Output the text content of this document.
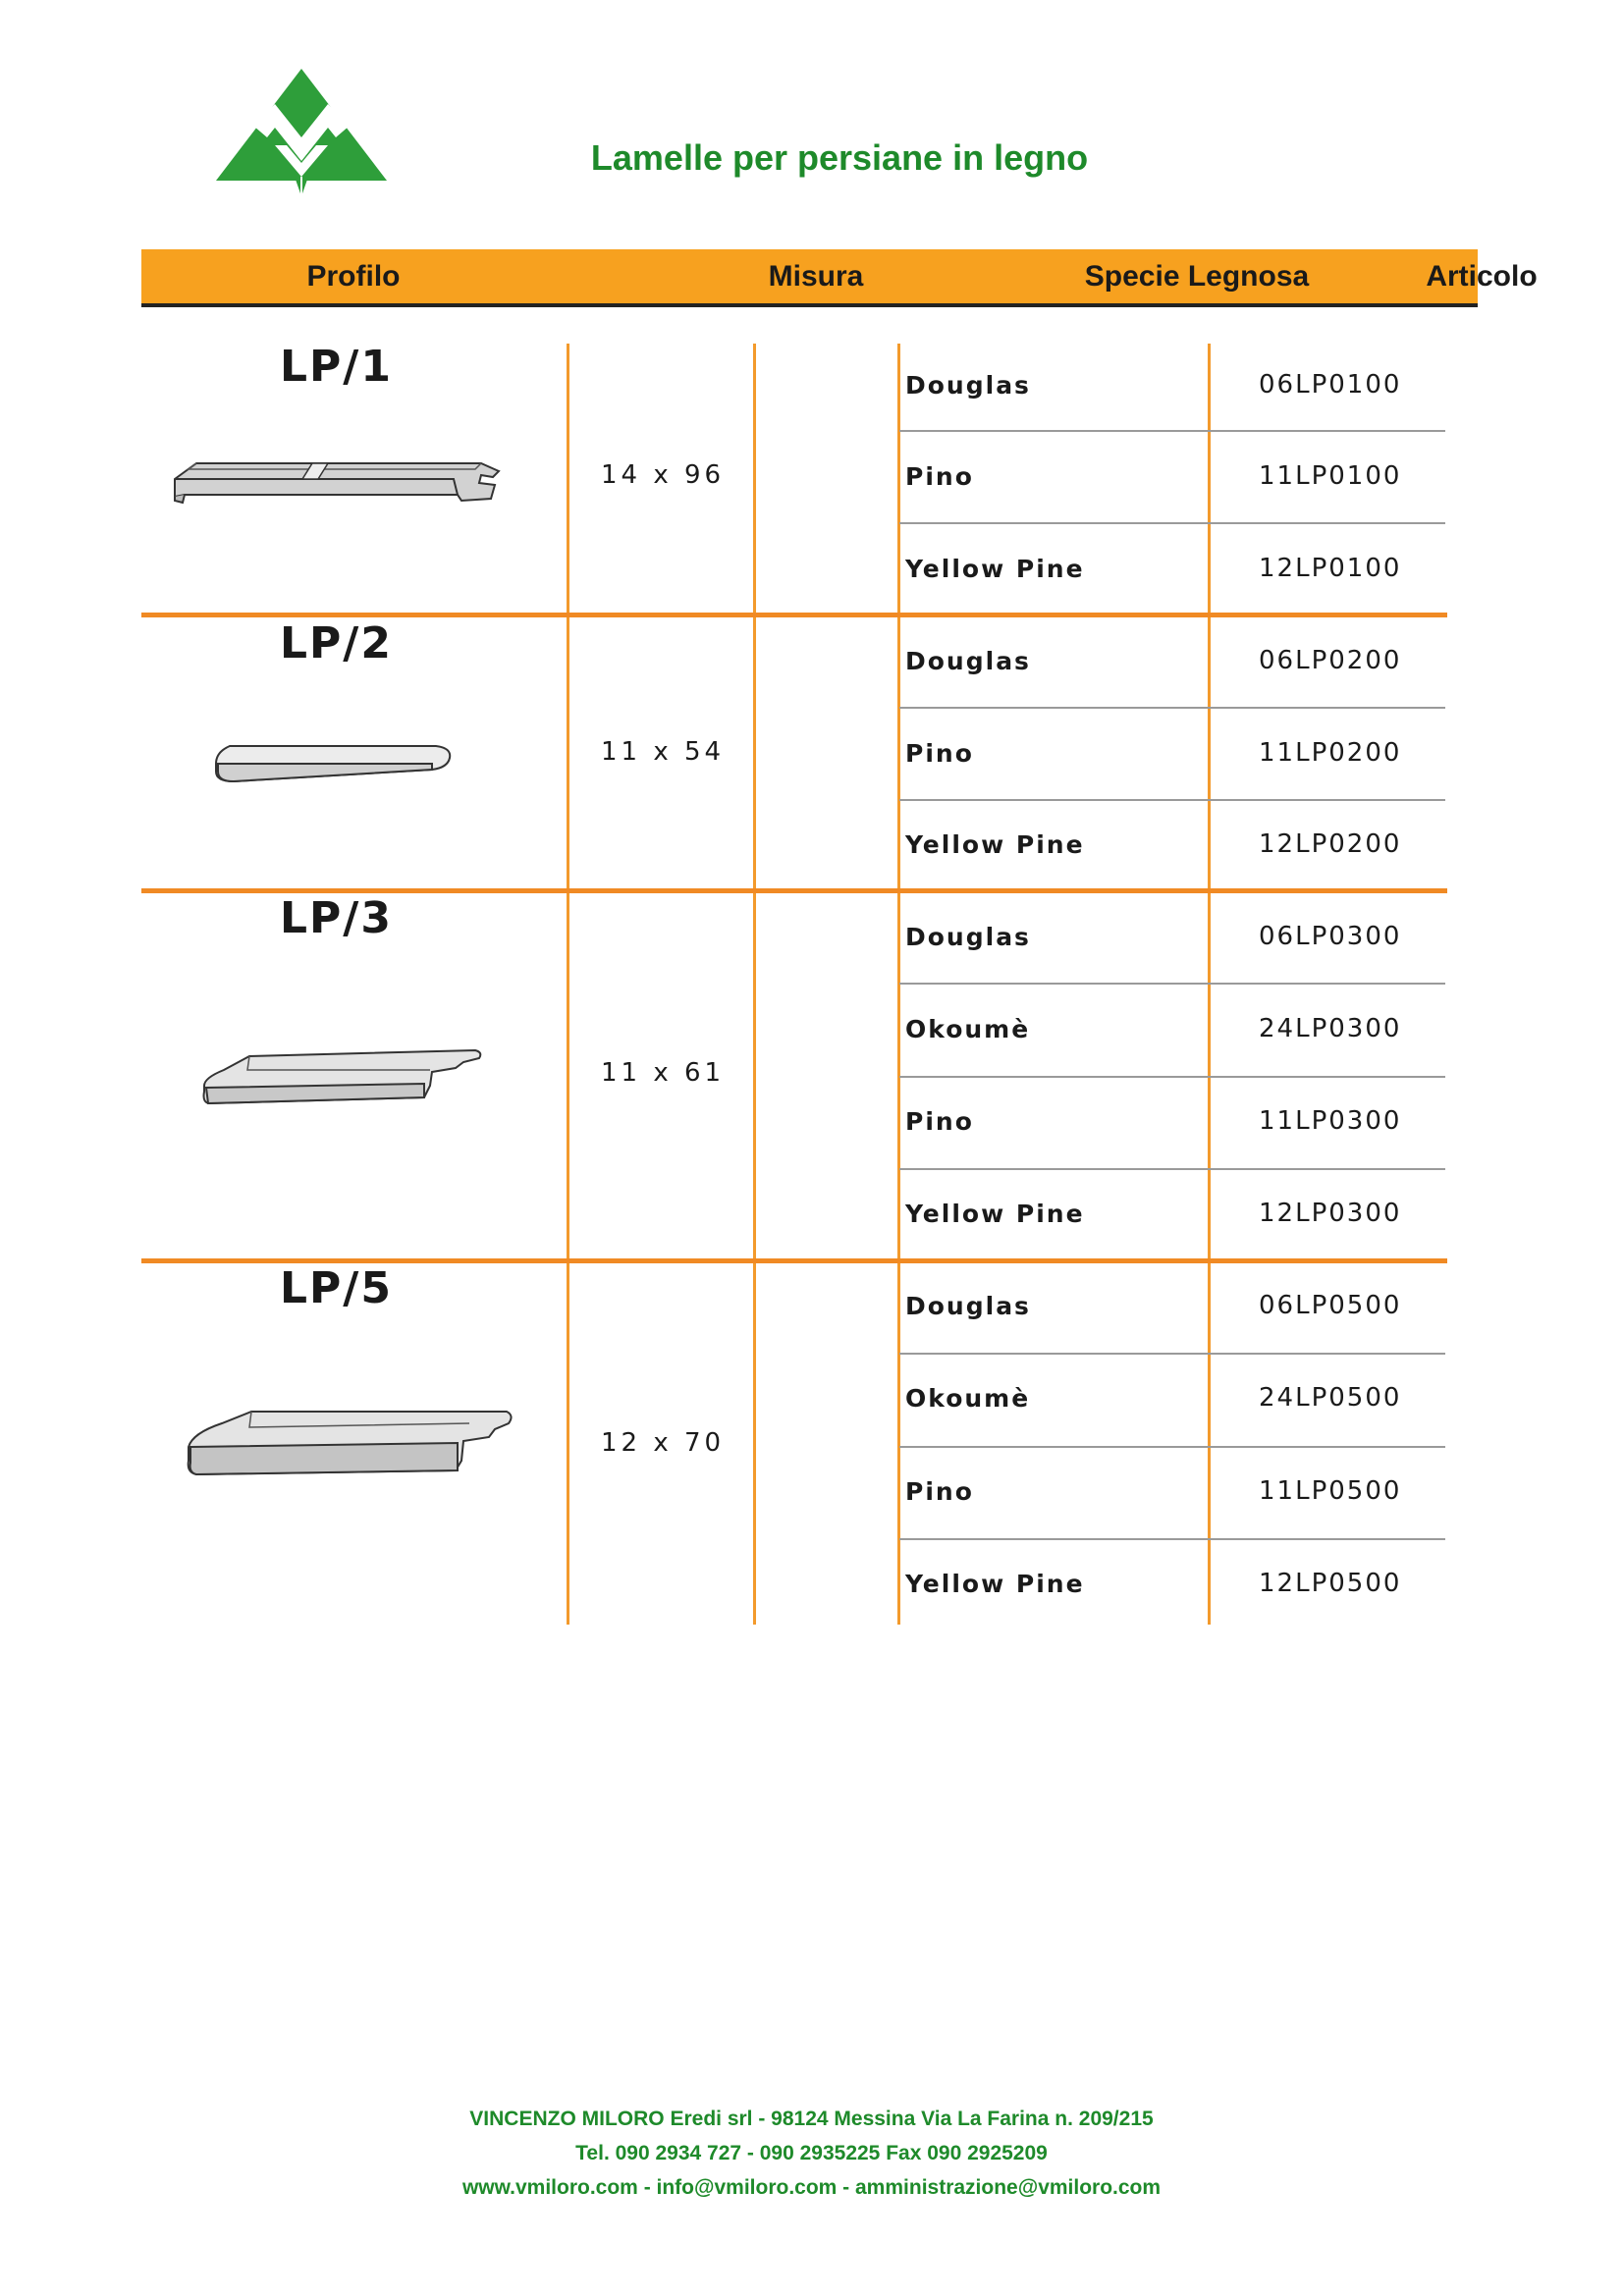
Lamelle per persiane in legno
Profilo	Misura	Specie Legnosa	Articolo
LP/1
14 x 96
Douglas	06LP0100
Pino	11LP0100
Yellow Pine	12LP0100
LP/2
11 x 54
Douglas	06LP0200
Pino	11LP0200
Yellow Pine	12LP0200
LP/3
11 x 61
Douglas	06LP0300
Okoumè	24LP0300
Pino	11LP0300
Yellow Pine	12LP0300
LP/5
12 x 70
Douglas	06LP0500
Okoumè	24LP0500
Pino	11LP0500
Yellow Pine	12LP0500
VINCENZO MILORO Eredi srl - 98124 Messina Via La Farina n. 209/215
Tel. 090 2934 727 - 090 2935225 Fax 090 2925209
www.vmiloro.com - info@vmiloro.com - amministrazione@vmiloro.com
